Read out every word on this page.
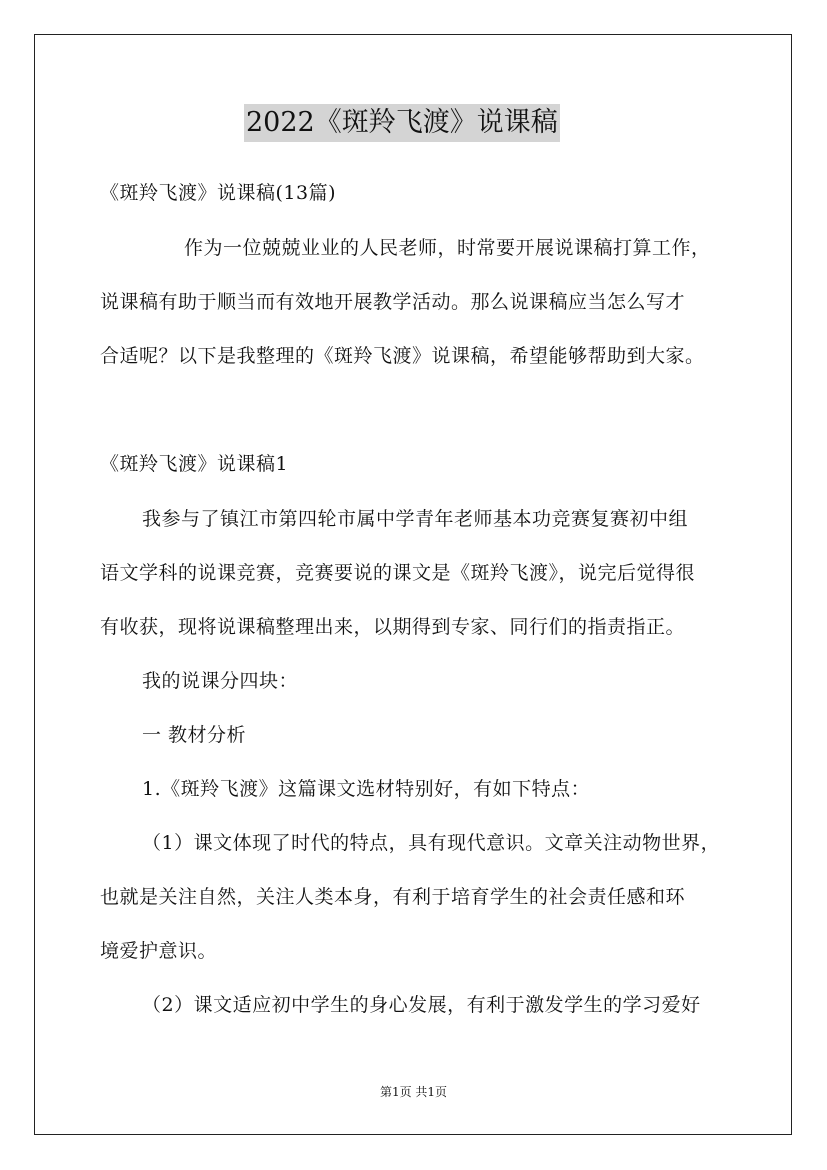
2022《斑羚飞渡》说课稿
《斑羚飞渡》说课稿(13篇)
作为一位兢兢业业的人民老师，时常要开展说课稿打算工作，
说课稿有助于顺当而有效地开展教学活动。那么说课稿应当怎么写才
合适呢？以下是我整理的《斑羚飞渡》说课稿，希望能够帮助到大家。
《斑羚飞渡》说课稿1
我参与了镇江市第四轮市属中学青年老师基本功竞赛复赛初中组
语文学科的说课竞赛，竞赛要说的课文是《斑羚飞渡》，说完后觉得很
有收获，现将说课稿整理出来，以期得到专家、同行们的指责指正。
我的说课分四块：
一 教材分析
1.《斑羚飞渡》这篇课文选材特别好，有如下特点：
（1）课文体现了时代的特点，具有现代意识。文章关注动物世界，
也就是关注自然，关注人类本身，有利于培育学生的社会责任感和环
境爱护意识。
（2）课文适应初中学生的身心发展，有利于激发学生的学习爱好
第1页 共1页
